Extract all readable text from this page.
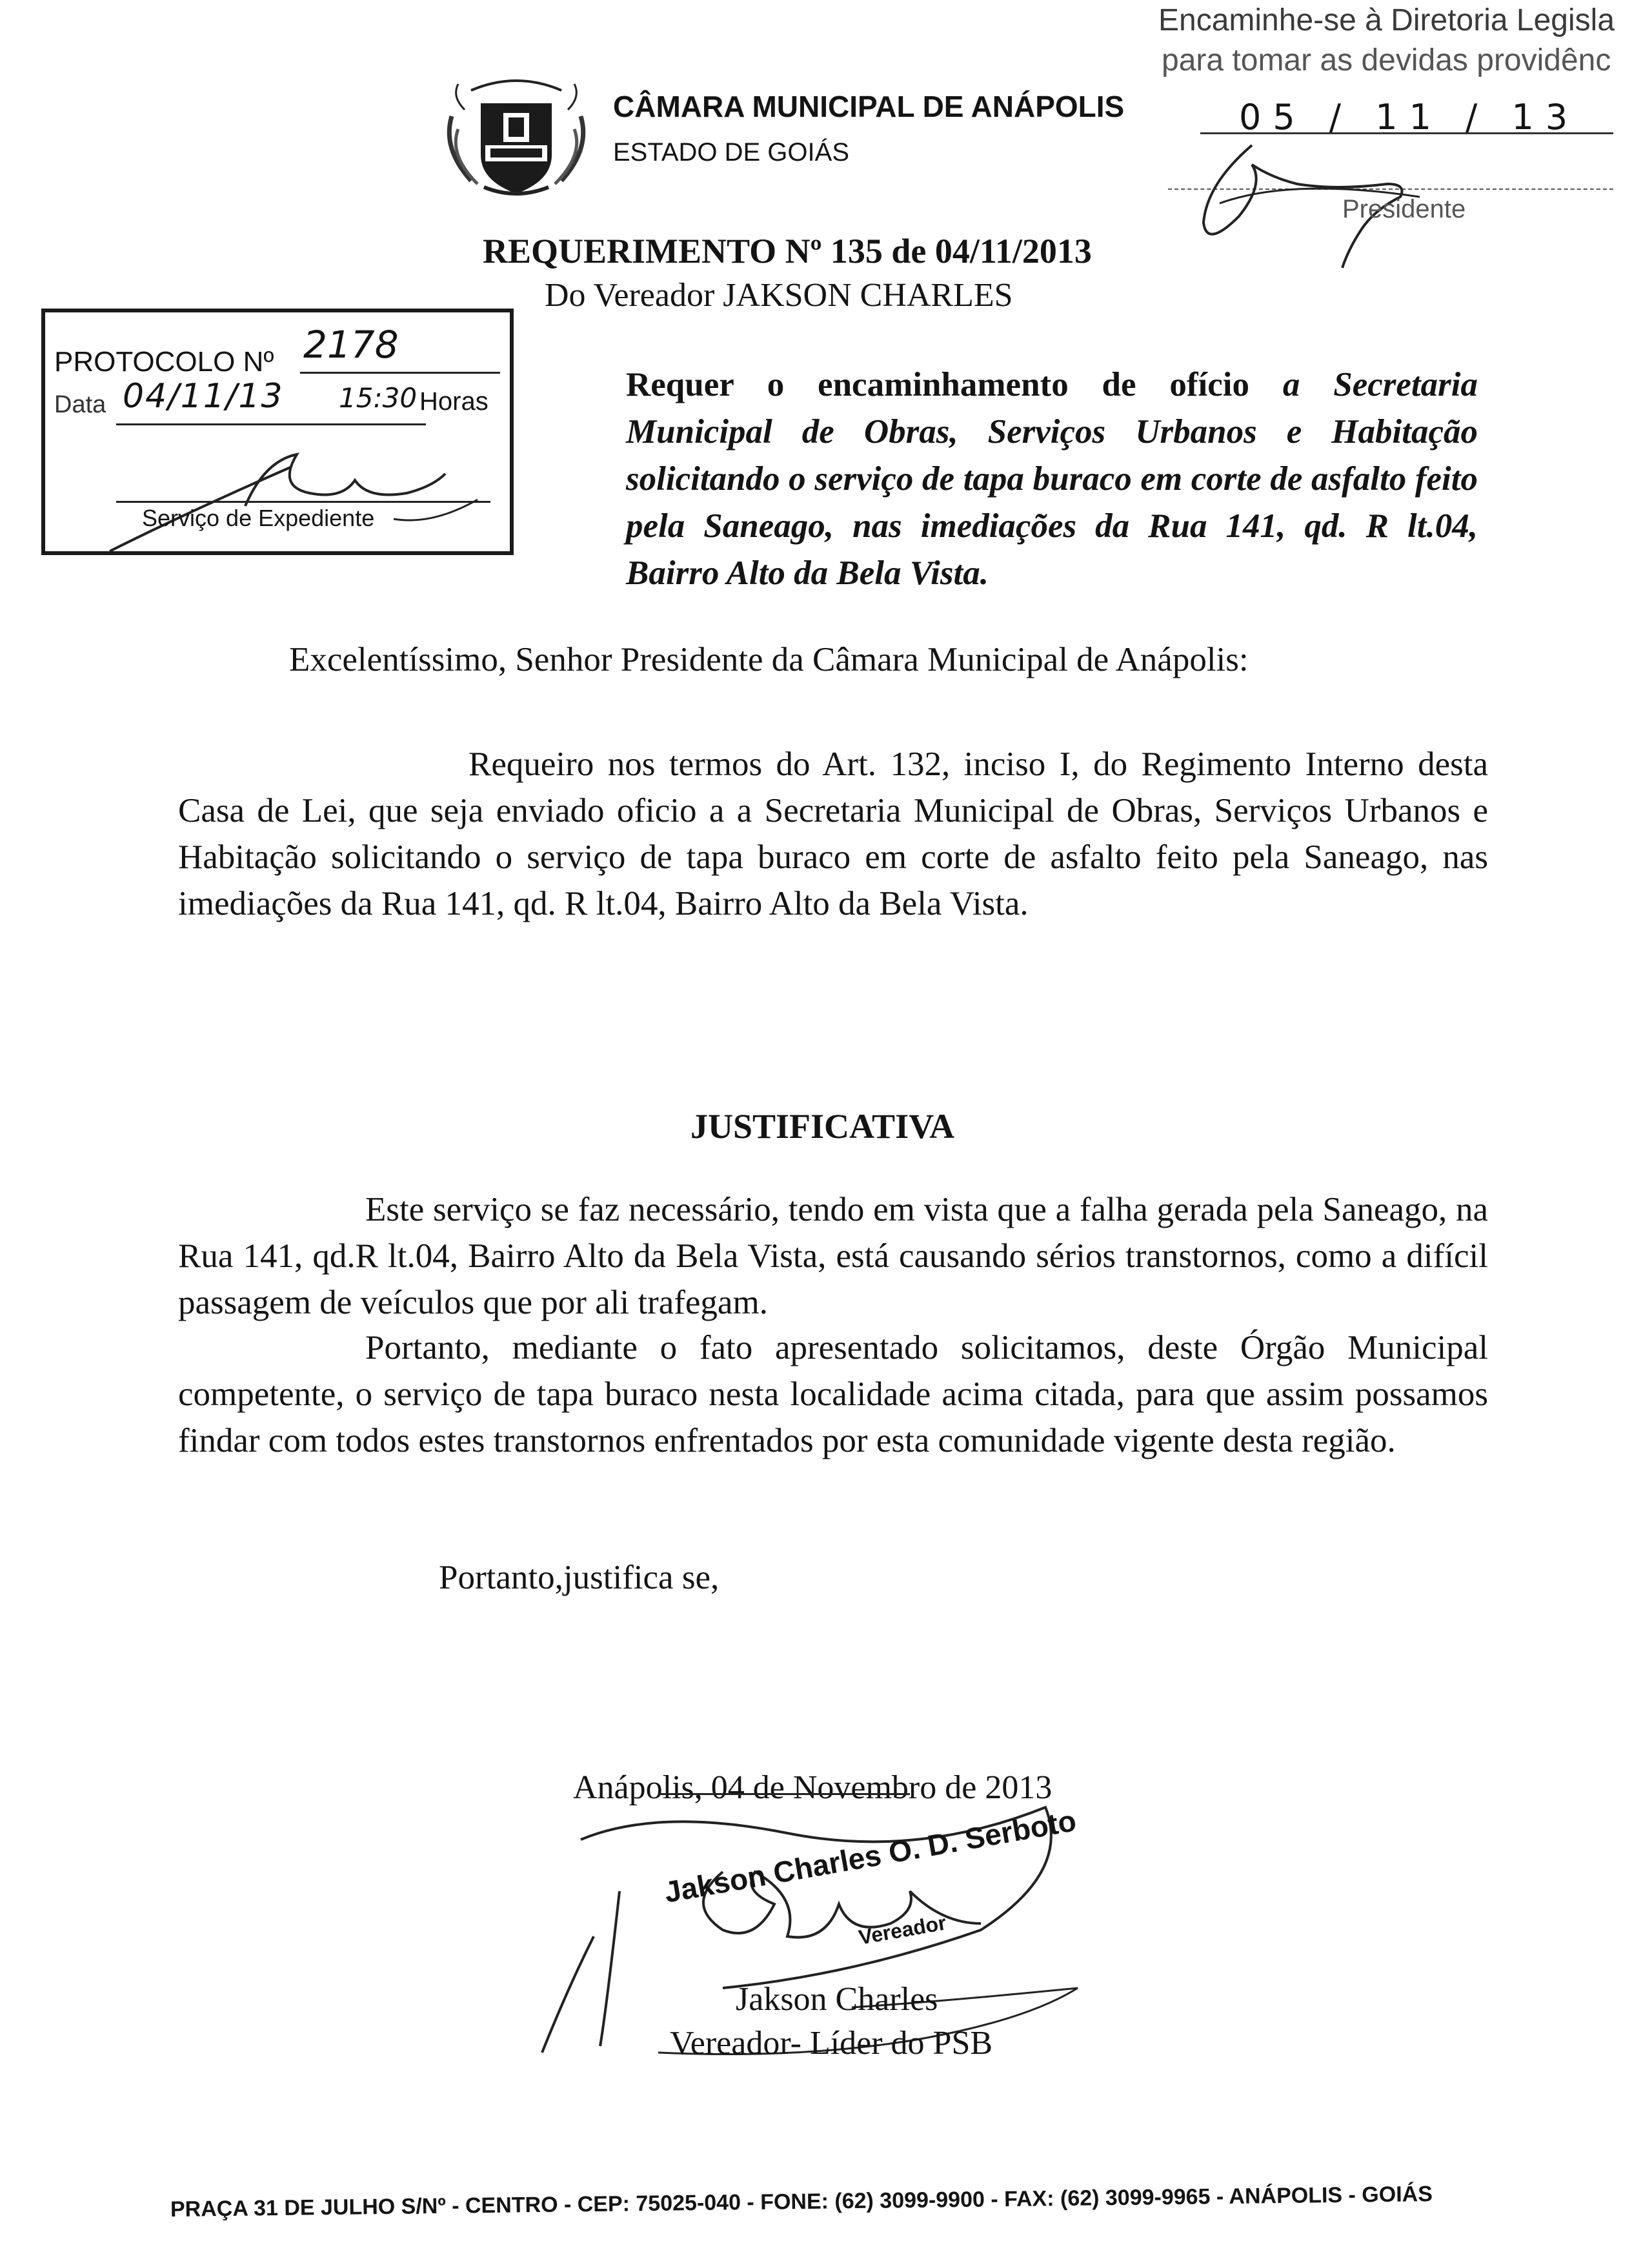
CÂMARA MUNICIPAL DE ANÁPOLIS
ESTADO DE GOIÁS
Encaminhe-se à Diretoria Legisla
para tomar as devidas providênc
05 / 11 / 13
Presidente
REQUERIMENTO Nº 135 de 04/11/2013
Do Vereador JAKSON CHARLES
PROTOCOLO Nº 2178
Data 04/11/13 15:30 Horas
Serviço de Expediente

Requer o encaminhamento de ofício a Secretaria Municipal de Obras, Serviços Urbanos e Habitação solicitando o serviço de tapa buraco em corte de asfalto feito pela Saneago, nas imediações da Rua 141, qd. R lt.04, Bairro Alto da Bela Vista.

Excelentíssimo, Senhor Presidente da Câmara Municipal de Anápolis:

Requeiro nos termos do Art. 132, inciso I, do Regimento Interno desta Casa de Lei, que seja enviado oficio a a Secretaria Municipal de Obras, Serviços Urbanos e Habitação solicitando o serviço de tapa buraco em corte de asfalto feito pela Saneago, nas imediações da Rua 141, qd. R lt.04, Bairro Alto da Bela Vista.

JUSTIFICATIVA

Este serviço se faz necessário, tendo em vista que a falha gerada pela Saneago, na Rua 141, qd.R lt.04, Bairro Alto da Bela Vista, está causando sérios transtornos, como a difícil passagem de veículos que por ali trafegam.

Portanto, mediante o fato apresentado solicitamos, deste Órgão Municipal competente, o serviço de tapa buraco nesta localidade acima citada, para que assim possamos findar com todos estes transtornos enfrentados por esta comunidade vigente desta região.

Portanto,justifica se,
Anápolis, 04 de Novembro de 2013
Jakson Charles O. D. Serboto
Vereador
Jakson Charles
Vereador- Líder do PSB
PRAÇA 31 DE JULHO S/Nº - CENTRO - CEP: 75025-040 - FONE: (62) 3099-9900 - FAX: (62) 3099-9965 - ANÁPOLIS - GOIÁS
